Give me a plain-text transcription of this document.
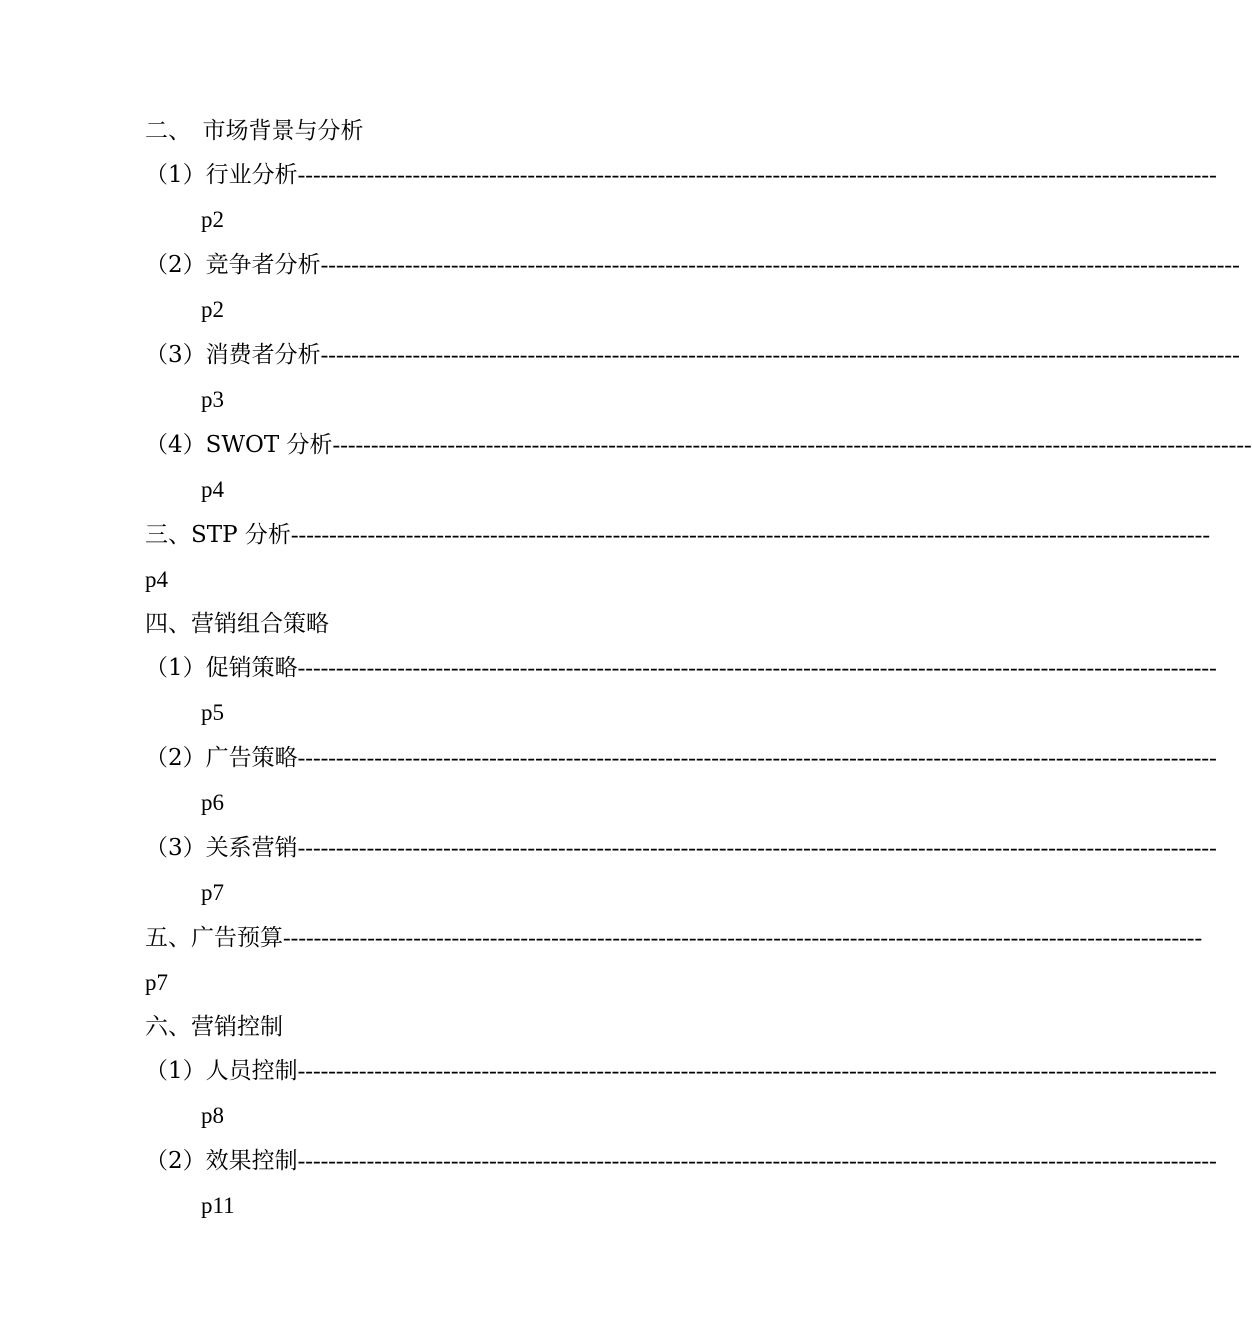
二、　市场背景与分析
（1）行业分析------------------------------------------------------------------------------------------------------------------------
p2
（2）竞争者分析------------------------------------------------------------------------------------------------------------------------
p2
（3）消费者分析------------------------------------------------------------------------------------------------------------------------
p3
（4）SWOT 分析------------------------------------------------------------------------------------------------------------------------
p4
三、STP 分析------------------------------------------------------------------------------------------------------------------------
p4
四、营销组合策略
（1）促销策略------------------------------------------------------------------------------------------------------------------------
p5
（2）广告策略------------------------------------------------------------------------------------------------------------------------
p6
（3）关系营销------------------------------------------------------------------------------------------------------------------------
p7
五、广告预算------------------------------------------------------------------------------------------------------------------------
p7
六、营销控制
（1）人员控制------------------------------------------------------------------------------------------------------------------------
p8
（2）效果控制------------------------------------------------------------------------------------------------------------------------
p11
